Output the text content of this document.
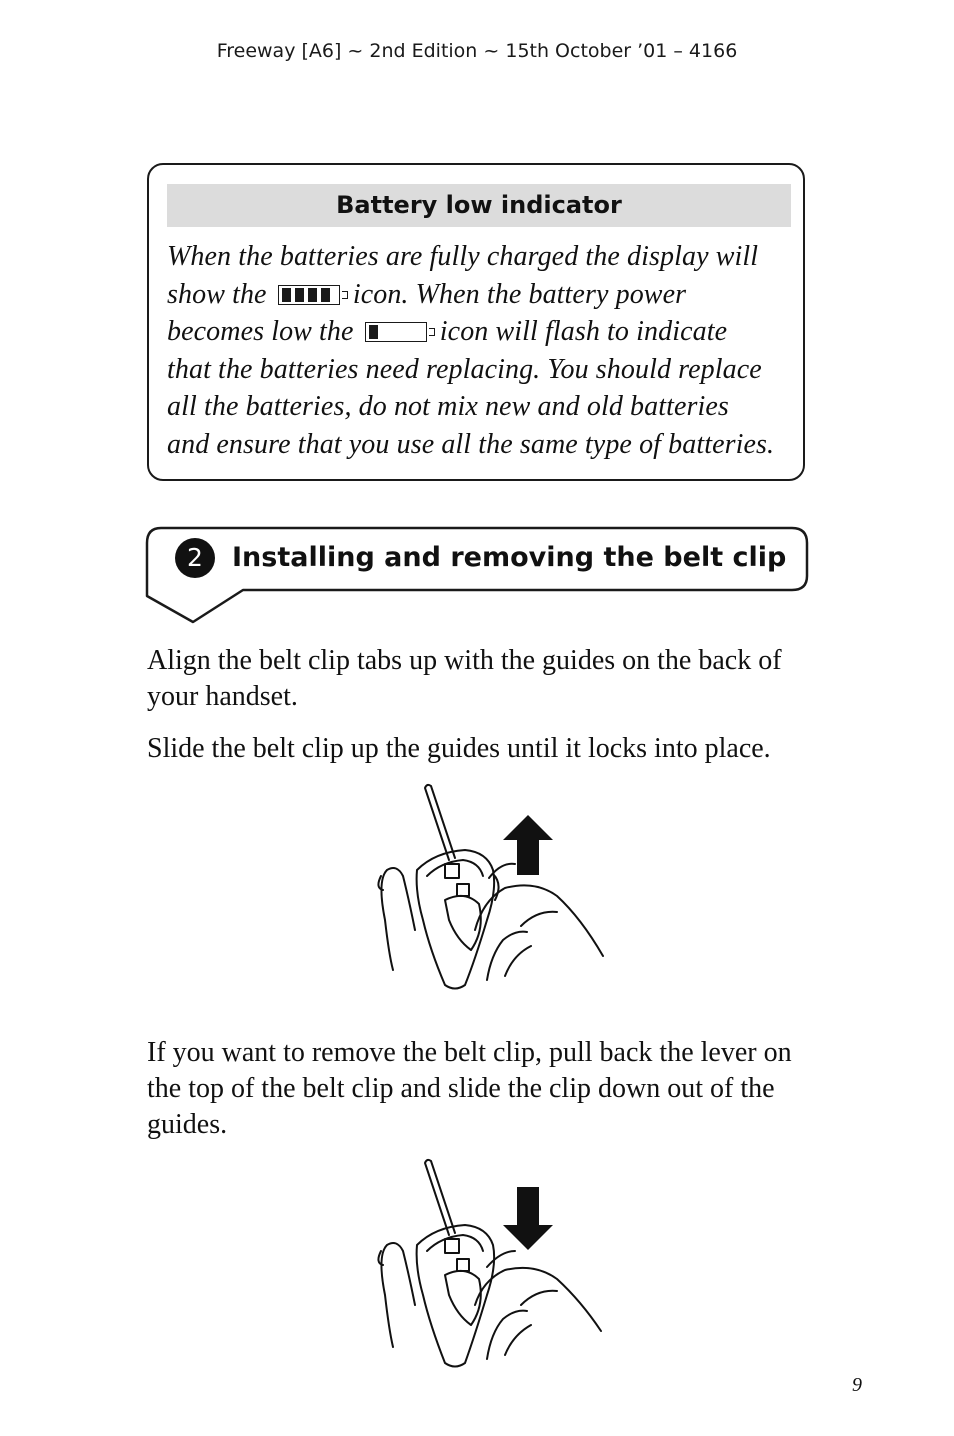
Freeway [A6] ~ 2nd Edition ~ 15th October ’01 – 4166
Battery low indicator
When the batteries are fully charged the display will
show the	icon. When the battery power
becomes low the	icon will flash to indicate
that the batteries need replacing. You should replace
all the batteries, do not mix new and old batteries
and ensure that you use all the same type of batteries.
2	Installing and removing the belt clip
Align the belt clip tabs up with the guides on the back of your handset.
Slide the belt clip up the guides until it locks into place.
If you want to remove the belt clip, pull back the lever on the top of the belt clip and slide the clip down out of the guides.
9
